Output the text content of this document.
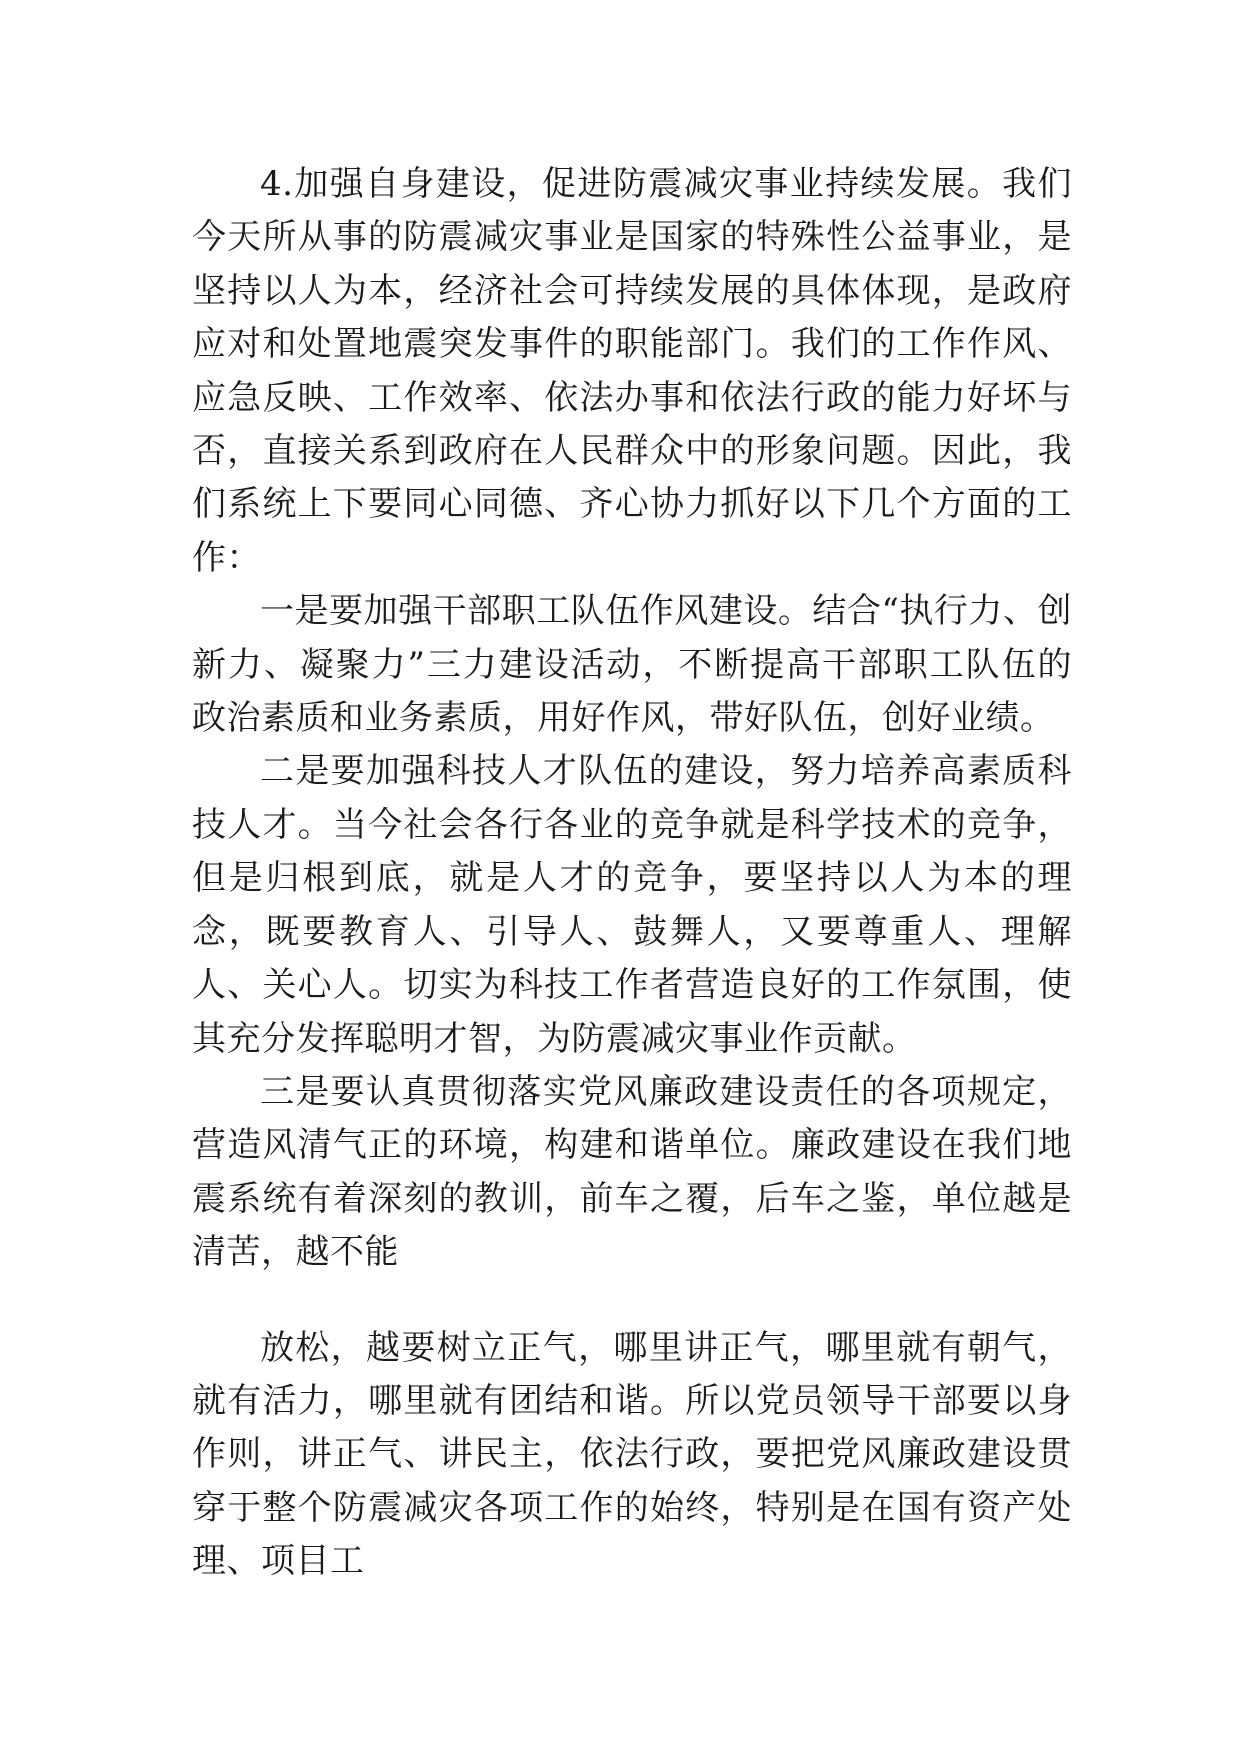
4.加强自身建设，促进防震减灾事业持续发展。我们今天所从事的防震减灾事业是国家的特殊性公益事业，是坚持以人为本，经济社会可持续发展的具体体现，是政府应对和处置地震突发事件的职能部门。我们的工作作风、应急反映、工作效率、依法办事和依法行政的能力好坏与否，直接关系到政府在人民群众中的形象问题。因此，我们系统上下要同心同德、齐心协力抓好以下几个方面的工作：

一是要加强干部职工队伍作风建设。结合“执行力、创新力、凝聚力”三力建设活动，不断提高干部职工队伍的政治素质和业务素质，用好作风，带好队伍，创好业绩。

二是要加强科技人才队伍的建设，努力培养高素质科技人才。当今社会各行各业的竞争就是科学技术的竞争，但是归根到底，就是人才的竞争，要坚持以人为本的理念，既要教育人、引导人、鼓舞人，又要尊重人、理解人、关心人。切实为科技工作者营造良好的工作氛围，使其充分发挥聪明才智，为防震减灾事业作贡献。

三是要认真贯彻落实党风廉政建设责任的各项规定，营造风清气正的环境，构建和谐单位。廉政建设在我们地震系统有着深刻的教训，前车之覆，后车之鉴，单位越是清苦，越不能

放松，越要树立正气，哪里讲正气，哪里就有朝气，就有活力，哪里就有团结和谐。所以党员领导干部要以身作则，讲正气、讲民主，依法行政，要把党风廉政建设贯穿于整个防震减灾各项工作的始终，特别是在国有资产处理、项目工
